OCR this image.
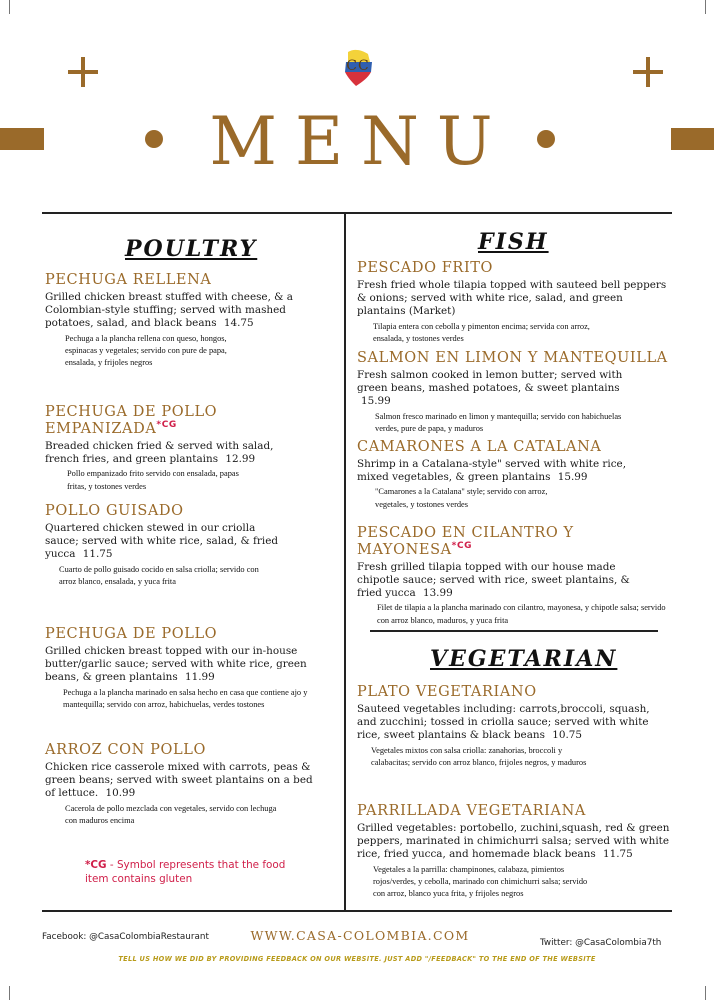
CC
MENU
POULTRY
PECHUGA RELLENA

Grilled chicken breast stuffed with cheese, & a Colombian-style stuffing; served with mashed potatoes, salad, and black beans 14.75

Pechuga a la plancha rellena con queso, hongos, espinacas y vegetales; servido con pure de papa, ensalada, y frijoles negros

PECHUGA DE POLLO $EMPANIZADA^{*CG}$

Breaded chicken fried & served with salad, french fries, and green plantains 12.99

Pollo empanizado frito servido con ensalada, papas fritas, y tostones verdes

POLLO GUISADO

Quartered chicken stewed in our criolla sauce; served with white rice, salad, & fried yucca 11.75

Cuarto de pollo guisado cocido en salsa criolla; servido con arroz blanco, ensalada, y yuca frita

PECHUGA DE POLLO

Grilled chicken breast topped with our in-house butter/garlic sauce; served with white rice, green beans, & green plantains 11.99

Pechuga a la plancha marinado en salsa hecho en casa que contiene ajo y mantequilla; servido con arroz, habichuelas, verdes tostones

ARROZ CON POLLO

Chicken rice casserole mixed with carrots, peas & green beans; served with sweet plantains on a bed of lettuce. 10.99

Cacerola de pollo mezclada con vegetales, servido con lechuga con maduros encima

*CG - Symbol represents that the food item contains gluten
FISH
PESCADO FRITO

Fresh fried whole tilapia topped with sauteed bell peppers & onions; served with white rice, salad, and green plantains (Market)

Tilapia entera con cebolla y pimenton encima; servida con arroz, ensalada, y tostones verdes

SALMON EN LIMON Y MANTEQUILLA

Fresh salmon cooked in lemon butter; served with green beans, mashed potatoes, & sweet plantains 15.99

Salmon fresco marinado en limon y mantequilla; servido con habichuelas verdes, pure de papa, y maduros

CAMARONES A LA CATALANA

Shrimp in a Catalana-style" served with white rice, mixed vegetables, & green plantains 15.99

"Camarones a la Catalana" style; servido con arroz, vegetales, y tostones verdes

PESCADO EN CILANTRO Y $MAYONESA^{*CG}$

Fresh grilled tilapia topped with our house made chipotle sauce; served with rice, sweet plantains, & fried yucca 13.99

Filet de tilapia a la plancha marinado con cilantro, mayonesa, y chipotle salsa; servido con arroz blanco, maduros, y yuca frita

VEGETARIAN
PLATO VEGETARIANO

Sauteed vegetables including: carrots,broccoli, squash, and zucchini; tossed in criolla sauce; served with white rice, sweet plantains & black beans 10.75

Vegetales mixtos con salsa criolla: zanahorias, broccoli y calabacitas; servido con arroz blanco, frijoles negros, y maduros

PARRILLADA VEGETARIANA

Grilled vegetables: portobello, zuchini,squash, red & green peppers, marinated in chimichurri salsa; served with white rice, fried yucca, and homemade black beans 11.75

Vegetales a la parrilla: champinones, calabaza, pimientos rojos/verdes, y cebolla, marinado con chimichurri salsa; servido con arroz, blanco yuca frita, y frijoles negros

Facebook: @CasaColombiaRestaurant	WWW.CASA-COLOMBIA.COM	Twitter: @CasaColombia7th
TELL US HOW WE DID BY PROVIDING FEEDBACK ON OUR WEBSITE. JUST ADD "/FEEDBACK" TO THE END OF THE WEBSITE
